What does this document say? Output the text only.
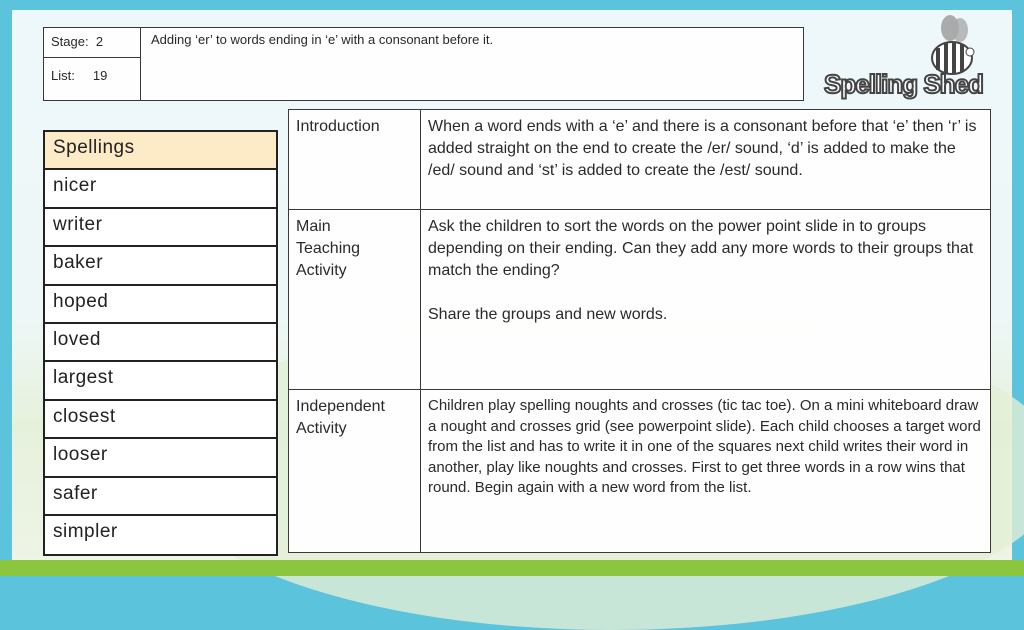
Stage: 2
List: 19
Adding ‘er’ to words ending in ‘e’ with a consonant before it.
Spelling Shed
Spellings
nicer
writer
baker
hoped
loved
largest
closest
looser
safer
simpler
Introduction	When a word ends with a ‘e’ and there is a consonant before that ‘e’ then ‘r’ is added straight on the end to create the /er/ sound, ‘d’ is added to make the /ed/ sound and ‘st’ is added to create the /est/ sound.
Main Teaching Activity
Ask the children to sort the words on the power point slide in to groups depending on their ending. Can they add any more words to their groups that match the ending?
Share the groups and new words.
Independent Activity
Children play spelling noughts and crosses (tic tac toe). On a mini whiteboard draw a nought and crosses grid (see powerpoint slide). Each child chooses a target word from the list and has to write it in one of the squares next child writes their word in another, play like noughts and crosses. First to get three words in a row wins that round. Begin again with a new word from the list.
